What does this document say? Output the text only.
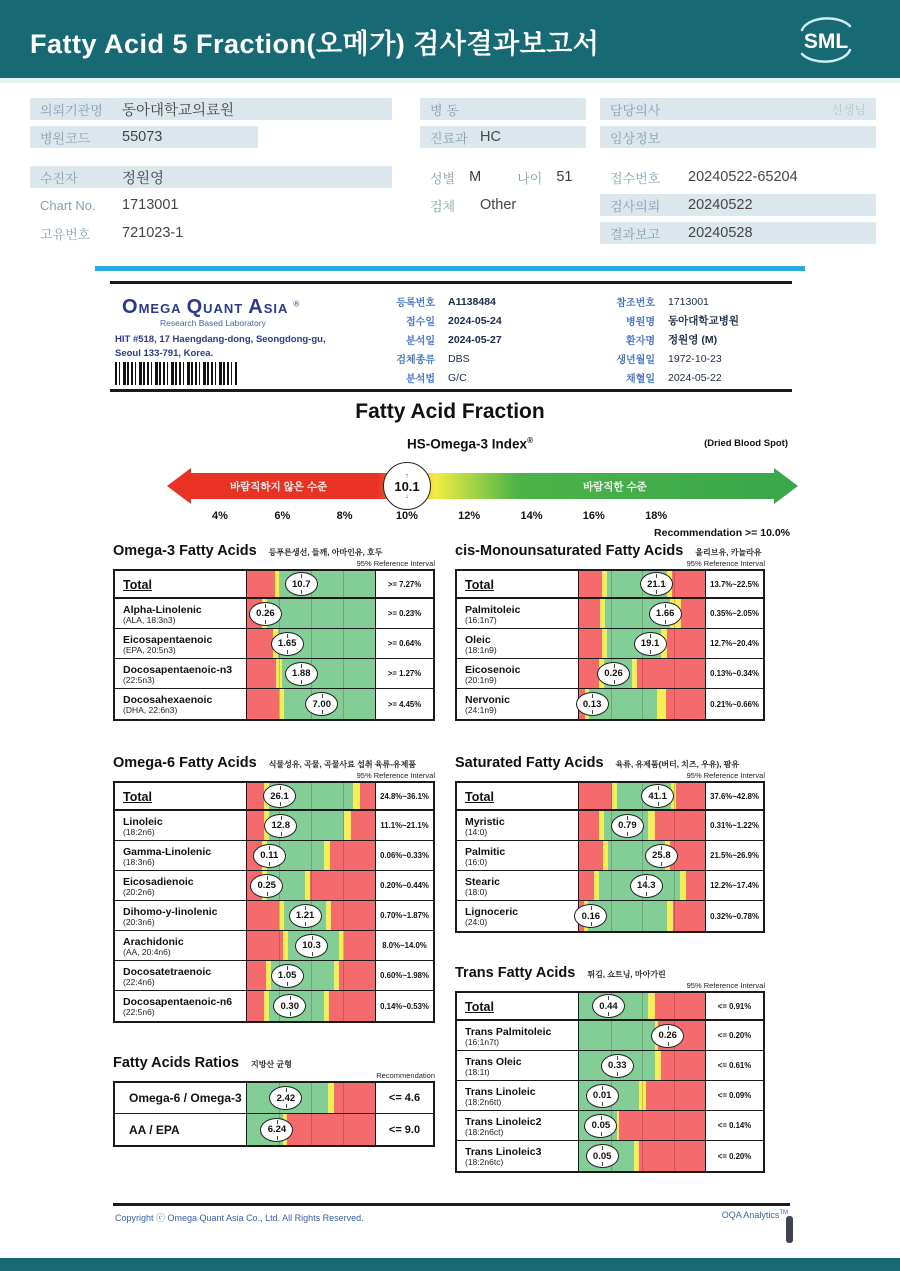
Fatty Acid 5 Fraction(오메가) 검사결과보고서	SML
의뢰기관명	동아대학교의료원
병원코드	55073
수진자	정원영
Chart No.	1713001
고유번호	721023-1
병 동
진료과 HC
성별 M	나이 51
검체	Other
담당의사	선생님
임상정보
접수번호	20240522-65204
검사의뢰	20240522
결과보고	20240528
OMEGA QUANT ASIA ®
Research Based Laboratory
HIT #518, 17 Haengdang-dong, Seongdong-gu,
Seoul 133-791, Korea.
등록번호 A1138484
접수일 2024-05-24
분석일 2024-05-27
검체종류 DBS
분석법 G/C
참조번호 1713001
병원명 동아대학교병원
환자명 정원영 (M)
생년월일 1972-10-23
채혈일 2024-05-22
Fatty Acid Fraction
HS-Omega-3 Index®	(Dried Blood Spot)
바람직하지 않은 수준	바람직한 수준
↑
10.1
↓
4%	6%	8%	10%	12%	14%	16%	18%
Recommendation >= 10.0%
Omega-3 Fatty Acids 등푸른생선, 들깨, 아마인유, 호두
95% Reference Interval
Total	10.7	>= 7.27%
Alpha-Linolenic
(ALA, 18:3n3)
0.26	>= 0.23%
Eicosapentaenoic
(EPA, 20:5n3)
1.65	>= 0.64%
Docosapentaenoic-n3
(22:5n3)
1.88	>= 1.27%
Docosahexaenoic
(DHA, 22:6n3)
7.00	>= 4.45%
cis-Monounsaturated Fatty Acids 올리브유, 카놀라유
95% Reference Interval
Total	21.1	13.7%~22.5%
Palmitoleic
(16:1n7)
1.66	0.35%~2.05%
Oleic
(18:1n9)
19.1	12.7%~20.4%
Eicosenoic
(20:1n9)
0.26	0.13%~0.34%
Nervonic
(24:1n9)
0.13	0.21%~0.66%
Omega-6 Fatty Acids 식물성유, 곡물, 곡물사료 섭취 육류-유제품
95% Reference Interval
Total	26.1	24.8%~36.1%
Linoleic
(18:2n6)
12.8	11.1%~21.1%
Gamma-Linolenic
(18:3n6)
0.11	0.06%~0.33%
Eicosadienoic
(20:2n6)
0.25	0.20%~0.44%
Dihomo-y-linolenic
(20:3n6)
1.21	0.70%~1.87%
Arachidonic
(AA, 20:4n6)
10.3	8.0%~14.0%
Docosatetraenoic
(22:4n6)
1.05	0.60%~1.98%
Docosapentaenoic-n6
(22:5n6)
0.30	0.14%~0.53%
Saturated Fatty Acids 육류, 유제품(버터, 치즈, 우유), 팜유
95% Reference Interval
Total	41.1	37.6%~42.8%
Myristic
(14:0)
0.79	0.31%~1.22%
Palmitic
(16:0)
25.8	21.5%~26.9%
Stearic
(18:0)
14.3	12.2%~17.4%
Lignoceric
(24:0)
0.16	0.32%~0.78%
Fatty Acids Ratios 지방산 균형
Recommendation
Omega-6 / Omega-3	2.42	<= 4.6
AA / EPA	6.24	<= 9.0
Trans Fatty Acids 튀김, 쇼트닝, 마아가린
95% Reference Interval
Total	0.44	<= 0.91%
Trans Palmitoleic
(16:1n7t)
0.26	<= 0.20%
Trans Oleic
(18:1t)
0.33	<= 0.61%
Trans Linoleic
(18:2n6tt)
0.01	<= 0.09%
Trans Linoleic2
(18:2n6ct)
0.05	<= 0.14%
Trans Linoleic3
(18:2n6tc)
0.05	<= 0.20%
Copyright ⓒ Omega Quant Asia Co., Ltd. All Rights Reserved.	OQA Analytics™
